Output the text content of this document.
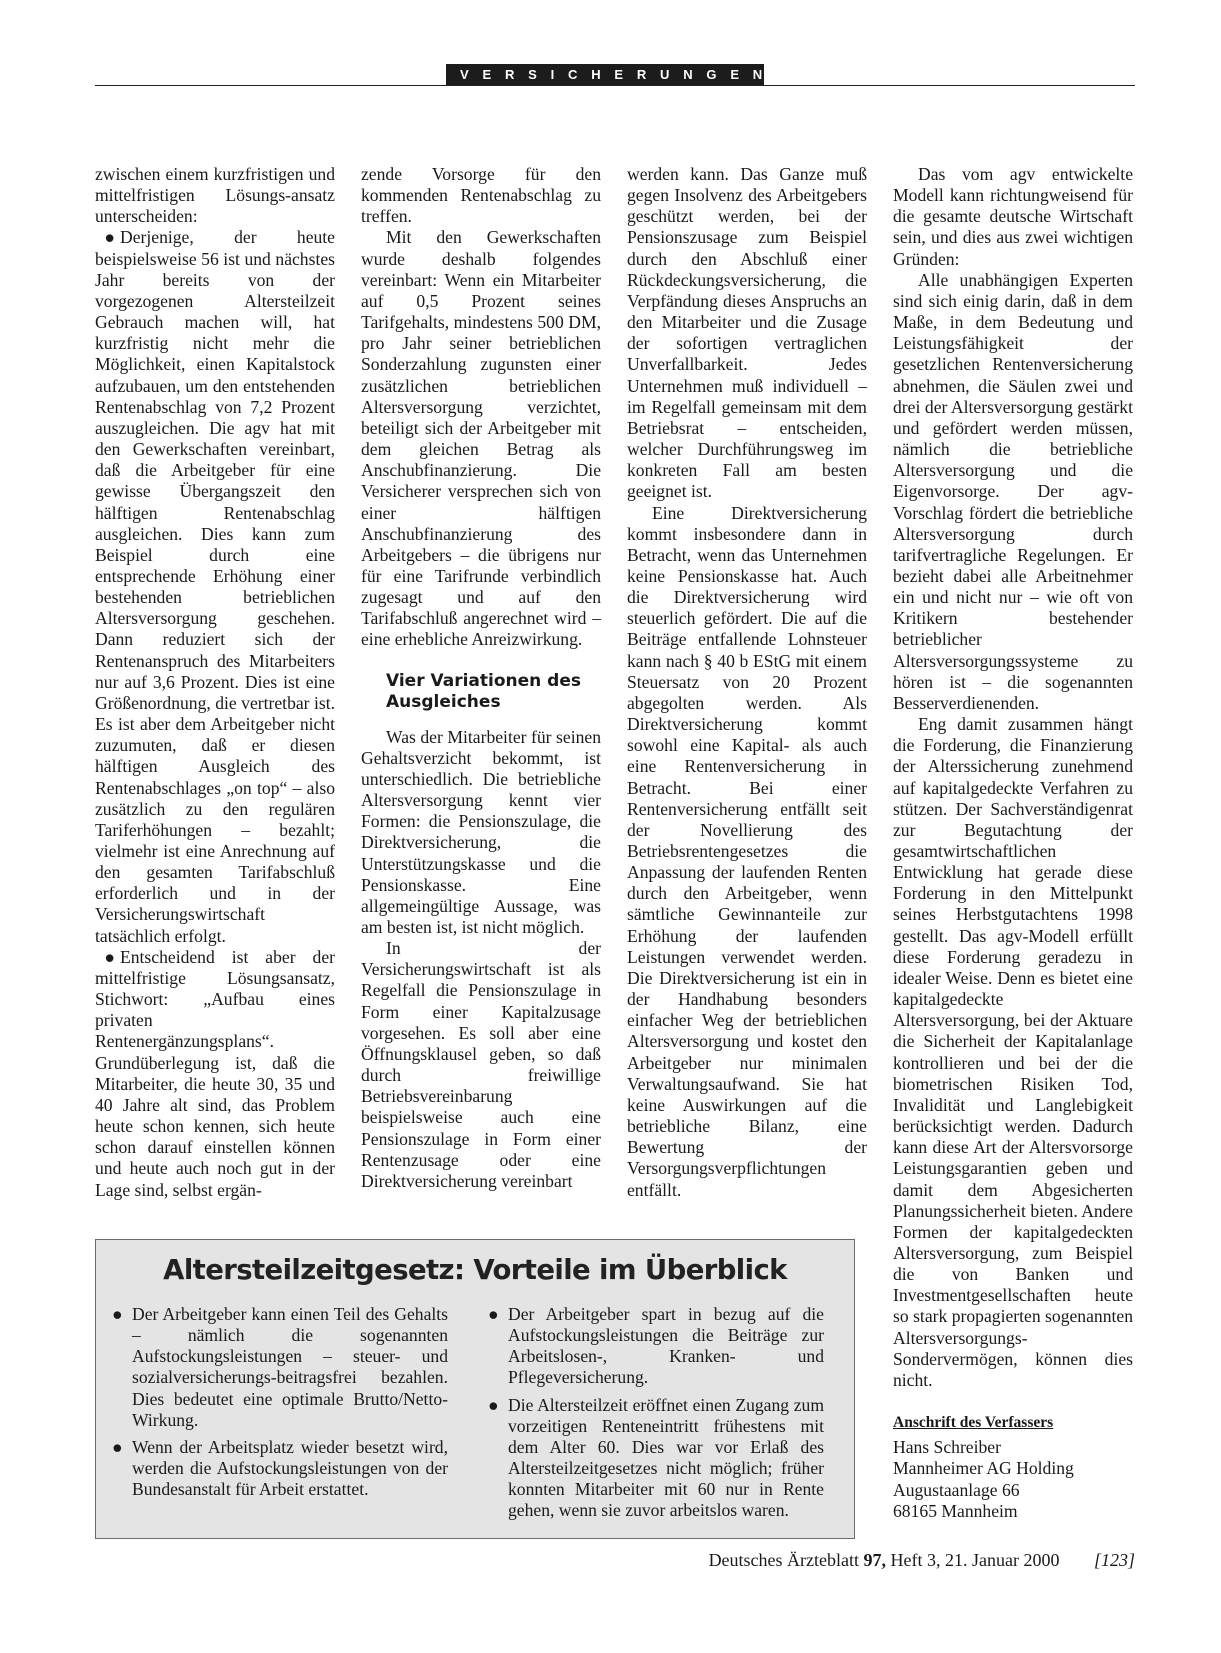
VERSICHERUNGEN

zwischen einem kurzfristigen und mittelfristigen Lösungs-ansatz unterscheiden:

● Derjenige, der heute beispielsweise 56 ist und nächstes Jahr bereits von der vorgezogenen Altersteilzeit Gebrauch machen will, hat kurzfristig nicht mehr die Möglichkeit, einen Kapitalstock aufzubauen, um den entstehenden Rentenabschlag von 7,2 Prozent auszugleichen. Die agv hat mit den Gewerkschaften vereinbart, daß die Arbeitgeber für eine gewisse Übergangszeit den hälftigen Rentenabschlag ausgleichen. Dies kann zum Beispiel durch eine entsprechende Erhöhung einer bestehenden betrieblichen Altersversorgung geschehen. Dann reduziert sich der Rentenanspruch des Mitarbeiters nur auf 3,6 Prozent. Dies ist eine Größenordnung, die vertretbar ist. Es ist aber dem Arbeitgeber nicht zuzumuten, daß er diesen hälftigen Ausgleich des Rentenabschlages „on top“ – also zusätzlich zu den regulären Tariferhöhungen – bezahlt; vielmehr ist eine Anrechnung auf den gesamten Tarifabschluß erforderlich und in der Versicherungswirtschaft tatsächlich erfolgt.

● Entscheidend ist aber der mittelfristige Lösungsansatz, Stichwort: „Aufbau eines privaten Rentenergänzungsplans“. Grundüberlegung ist, daß die Mitarbeiter, die heute 30, 35 und 40 Jahre alt sind, das Problem heute schon kennen, sich heute schon darauf einstellen können und heute auch noch gut in der Lage sind, selbst ergän-

zende Vorsorge für den kommenden Rentenabschlag zu treffen.

Mit den Gewerkschaften wurde deshalb folgendes vereinbart: Wenn ein Mitarbeiter auf 0,5 Prozent seines Tarifgehalts, mindestens 500 DM, pro Jahr seiner betrieblichen Sonderzahlung zugunsten einer zusätzlichen betrieblichen Altersversorgung verzichtet, beteiligt sich der Arbeitgeber mit dem gleichen Betrag als Anschubfinanzierung. Die Versicherer versprechen sich von einer hälftigen Anschubfinanzierung des Arbeitgebers – die übrigens nur für eine Tarifrunde verbindlich zugesagt und auf den Tarifabschluß angerechnet wird – eine erhebliche Anreizwirkung.

Vier Variationen des Ausgleiches

Was der Mitarbeiter für seinen Gehaltsverzicht bekommt, ist unterschiedlich. Die betriebliche Altersversorgung kennt vier Formen: die Pensionszulage, die Direktversicherung, die Unterstützungskasse und die Pensionskasse. Eine allgemeingültige Aussage, was am besten ist, ist nicht möglich.

In der Versicherungswirtschaft ist als Regelfall die Pensionszulage in Form einer Kapitalzusage vorgesehen. Es soll aber eine Öffnungsklausel geben, so daß durch freiwillige Betriebsvereinbarung beispielsweise auch eine Pensionszulage in Form einer Rentenzusage oder eine Direktversicherung vereinbart

werden kann. Das Ganze muß gegen Insolvenz des Arbeitgebers geschützt werden, bei der Pensionszusage zum Beispiel durch den Abschluß einer Rückdeckungsversicherung, die Verpfändung dieses Anspruchs an den Mitarbeiter und die Zusage der sofortigen vertraglichen Unverfallbarkeit. Jedes Unternehmen muß individuell – im Regelfall gemeinsam mit dem Betriebsrat – entscheiden, welcher Durchführungsweg im konkreten Fall am besten geeignet ist.

Eine Direktversicherung kommt insbesondere dann in Betracht, wenn das Unternehmen keine Pensionskasse hat. Auch die Direktversicherung wird steuerlich gefördert. Die auf die Beiträge entfallende Lohnsteuer kann nach § 40 b EStG mit einem Steuersatz von 20 Prozent abgegolten werden. Als Direktversicherung kommt sowohl eine Kapital- als auch eine Rentenversicherung in Betracht. Bei einer Rentenversicherung entfällt seit der Novellierung des Betriebsrentengesetzes die Anpassung der laufenden Renten durch den Arbeitgeber, wenn sämtliche Gewinnanteile zur Erhöhung der laufenden Leistungen verwendet werden. Die Direktversicherung ist ein in der Handhabung besonders einfacher Weg der betrieblichen Altersversorgung und kostet den Arbeitgeber nur minimalen Verwaltungsaufwand. Sie hat keine Auswirkungen auf die betriebliche Bilanz, eine Bewertung der Versorgungsverpflichtungen entfällt.

Das vom agv entwickelte Modell kann richtungweisend für die gesamte deutsche Wirtschaft sein, und dies aus zwei wichtigen Gründen:

Alle unabhängigen Experten sind sich einig darin, daß in dem Maße, in dem Bedeutung und Leistungsfähigkeit der gesetzlichen Rentenversicherung abnehmen, die Säulen zwei und drei der Altersversorgung gestärkt und gefördert werden müssen, nämlich die betriebliche Altersversorgung und die Eigenvorsorge. Der agv-Vorschlag fördert die betriebliche Altersversorgung durch tarifvertragliche Regelungen. Er bezieht dabei alle Arbeitnehmer ein und nicht nur – wie oft von Kritikern bestehender betrieblicher Altersversorgungssysteme zu hören ist – die sogenannten Besserverdienenden.

Eng damit zusammen hängt die Forderung, die Finanzierung der Alterssicherung zunehmend auf kapitalgedeckte Verfahren zu stützen. Der Sachverständigenrat zur Begutachtung der gesamtwirtschaftlichen Entwicklung hat gerade diese Forderung in den Mittelpunkt seines Herbstgutachtens 1998 gestellt. Das agv-Modell erfüllt diese Forderung geradezu in idealer Weise. Denn es bietet eine kapitalgedeckte Altersversorgung, bei der Aktuare die Sicherheit der Kapitalanlage kontrollieren und bei der die biometrischen Risiken Tod, Invalidität und Langlebigkeit berücksichtigt werden. Dadurch kann diese Art der Altersvorsorge Leistungsgarantien geben und damit dem Abgesicherten Planungssicherheit bieten. Andere Formen der kapitalgedeckten Altersversorgung, zum Beispiel die von Banken und Investmentgesellschaften heute so stark propagierten sogenannten Altersversorgungs-Sondervermögen, können dies nicht.

Anschrift des Verfassers

Hans Schreiber

Mannheimer AG Holding

Augustaanlage 66

68165 Mannheim

Altersteilzeitgesetz: Vorteile im Überblick
● Der Arbeitgeber kann einen Teil des Gehalts – nämlich die sogenannten Aufstockungsleistungen – steuer- und sozialversicherungs-beitragsfrei bezahlen. Dies bedeutet eine optimale Brutto/Netto-Wirkung.
● Wenn der Arbeitsplatz wieder besetzt wird, werden die Aufstockungsleistungen von der Bundesanstalt für Arbeit erstattet.
● Der Arbeitgeber spart in bezug auf die Aufstockungsleistungen die Beiträge zur Arbeitslosen-, Kranken- und Pflegeversicherung.
● Die Altersteilzeit eröffnet einen Zugang zum vorzeitigen Renteneintritt frühestens mit dem Alter 60. Dies war vor Erlaß des Altersteilzeitgesetzes nicht möglich; früher konnten Mitarbeiter mit 60 nur in Rente gehen, wenn sie zuvor arbeitslos waren.
Deutsches Ärzteblatt 97, Heft 3, 21. Januar 2000 [123]
